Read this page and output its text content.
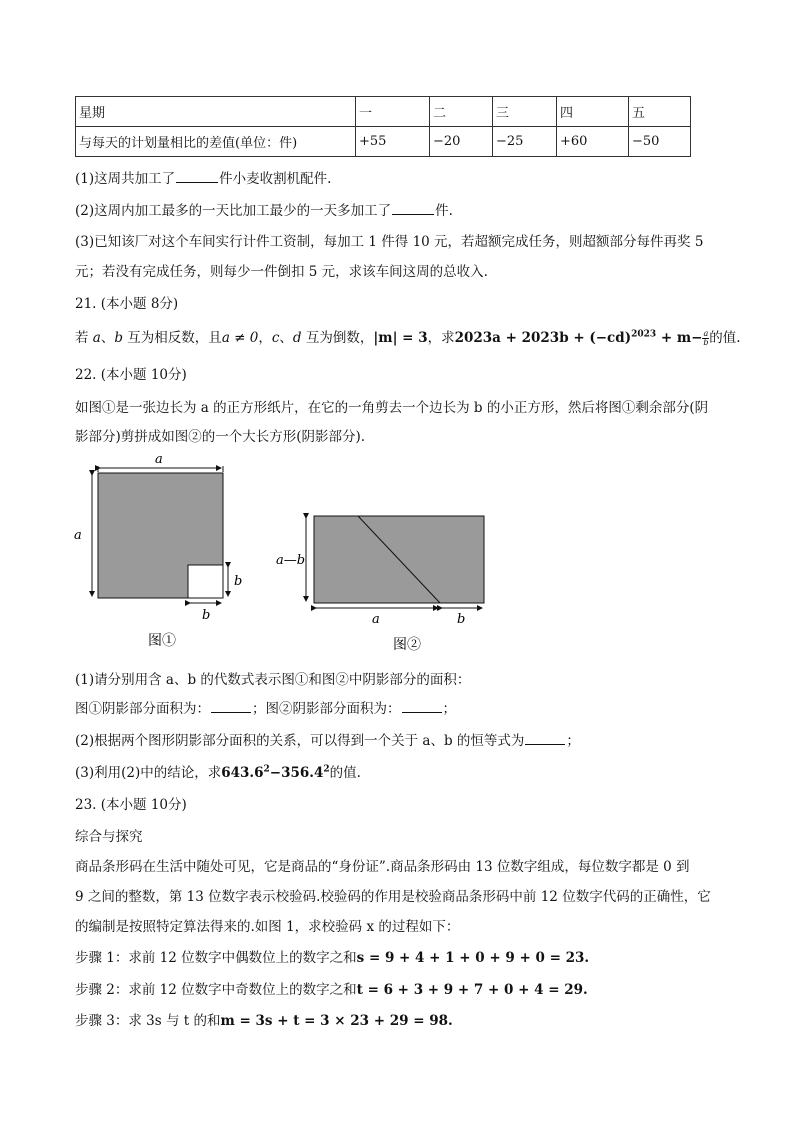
星期	一	二	三	四	五
与每天的计划量相比的差值(单位：件)	+55	−20	−25	+60	−50
(1)这周共加工了	件小麦收割机配件.
(2)这周内加工最多的一天比加工最少的一天多加工了	件.
(3)已知该厂对这个车间实行计件工资制，每加工 1 件得 10 元，若超额完成任务，则超额部分每件再奖 5
元；若没有完成任务，则每少一件倒扣 5 元，求该车间这周的总收入.
21. (本小题 8分)
若 a、b 互为相反数，且a ≠ 0，c、d 互为倒数，|m| = 3，求$2023a + 2023b + (-cd)^{2023} + m- \frac{a}{b}$ 的值.
22. (本小题 10分)
如图①是一张边长为 a 的正方形纸片，在它的一角剪去一个边长为 b 的小正方形，然后将图①剩余部分(阴
影部分)剪拼成如图②的一个大长方形(阴影部分).
a
a
b
b
图①
a—b
a	b
图②
(1)请分别用含 a、b 的代数式表示图①和图②中阴影部分的面积：
图①阴影部分面积为：	；图②阴影部分面积为：	；
(2)根据两个图形阴影部分面积的关系，可以得到一个关于 a、b 的恒等式为	；
(3)利用(2)中的结论，求$643.6^2-356.4^2$的值.
23. (本小题 10分)
综合与探究
商品条形码在生活中随处可见，它是商品的“身份证”.商品条形码由 13 位数字组成，每位数字都是 0 到
9 之间的整数，第 13 位数字表示校验码.校验码的作用是校验商品条形码中前 12 位数字代码的正确性，它
的编制是按照特定算法得来的.如图 1，求校验码 x 的过程如下：
步骤 1：求前 12 位数字中偶数位上的数字之和s = 9 + 4 + 1 + 0 + 9 + 0 = 23.
步骤 2：求前 12 位数字中奇数位上的数字之和t = 6 + 3 + 9 + 7 + 0 + 4 = 29.
步骤 3：求 3s 与 t 的和m = 3s + t = 3 × 23 + 29 = 98.
